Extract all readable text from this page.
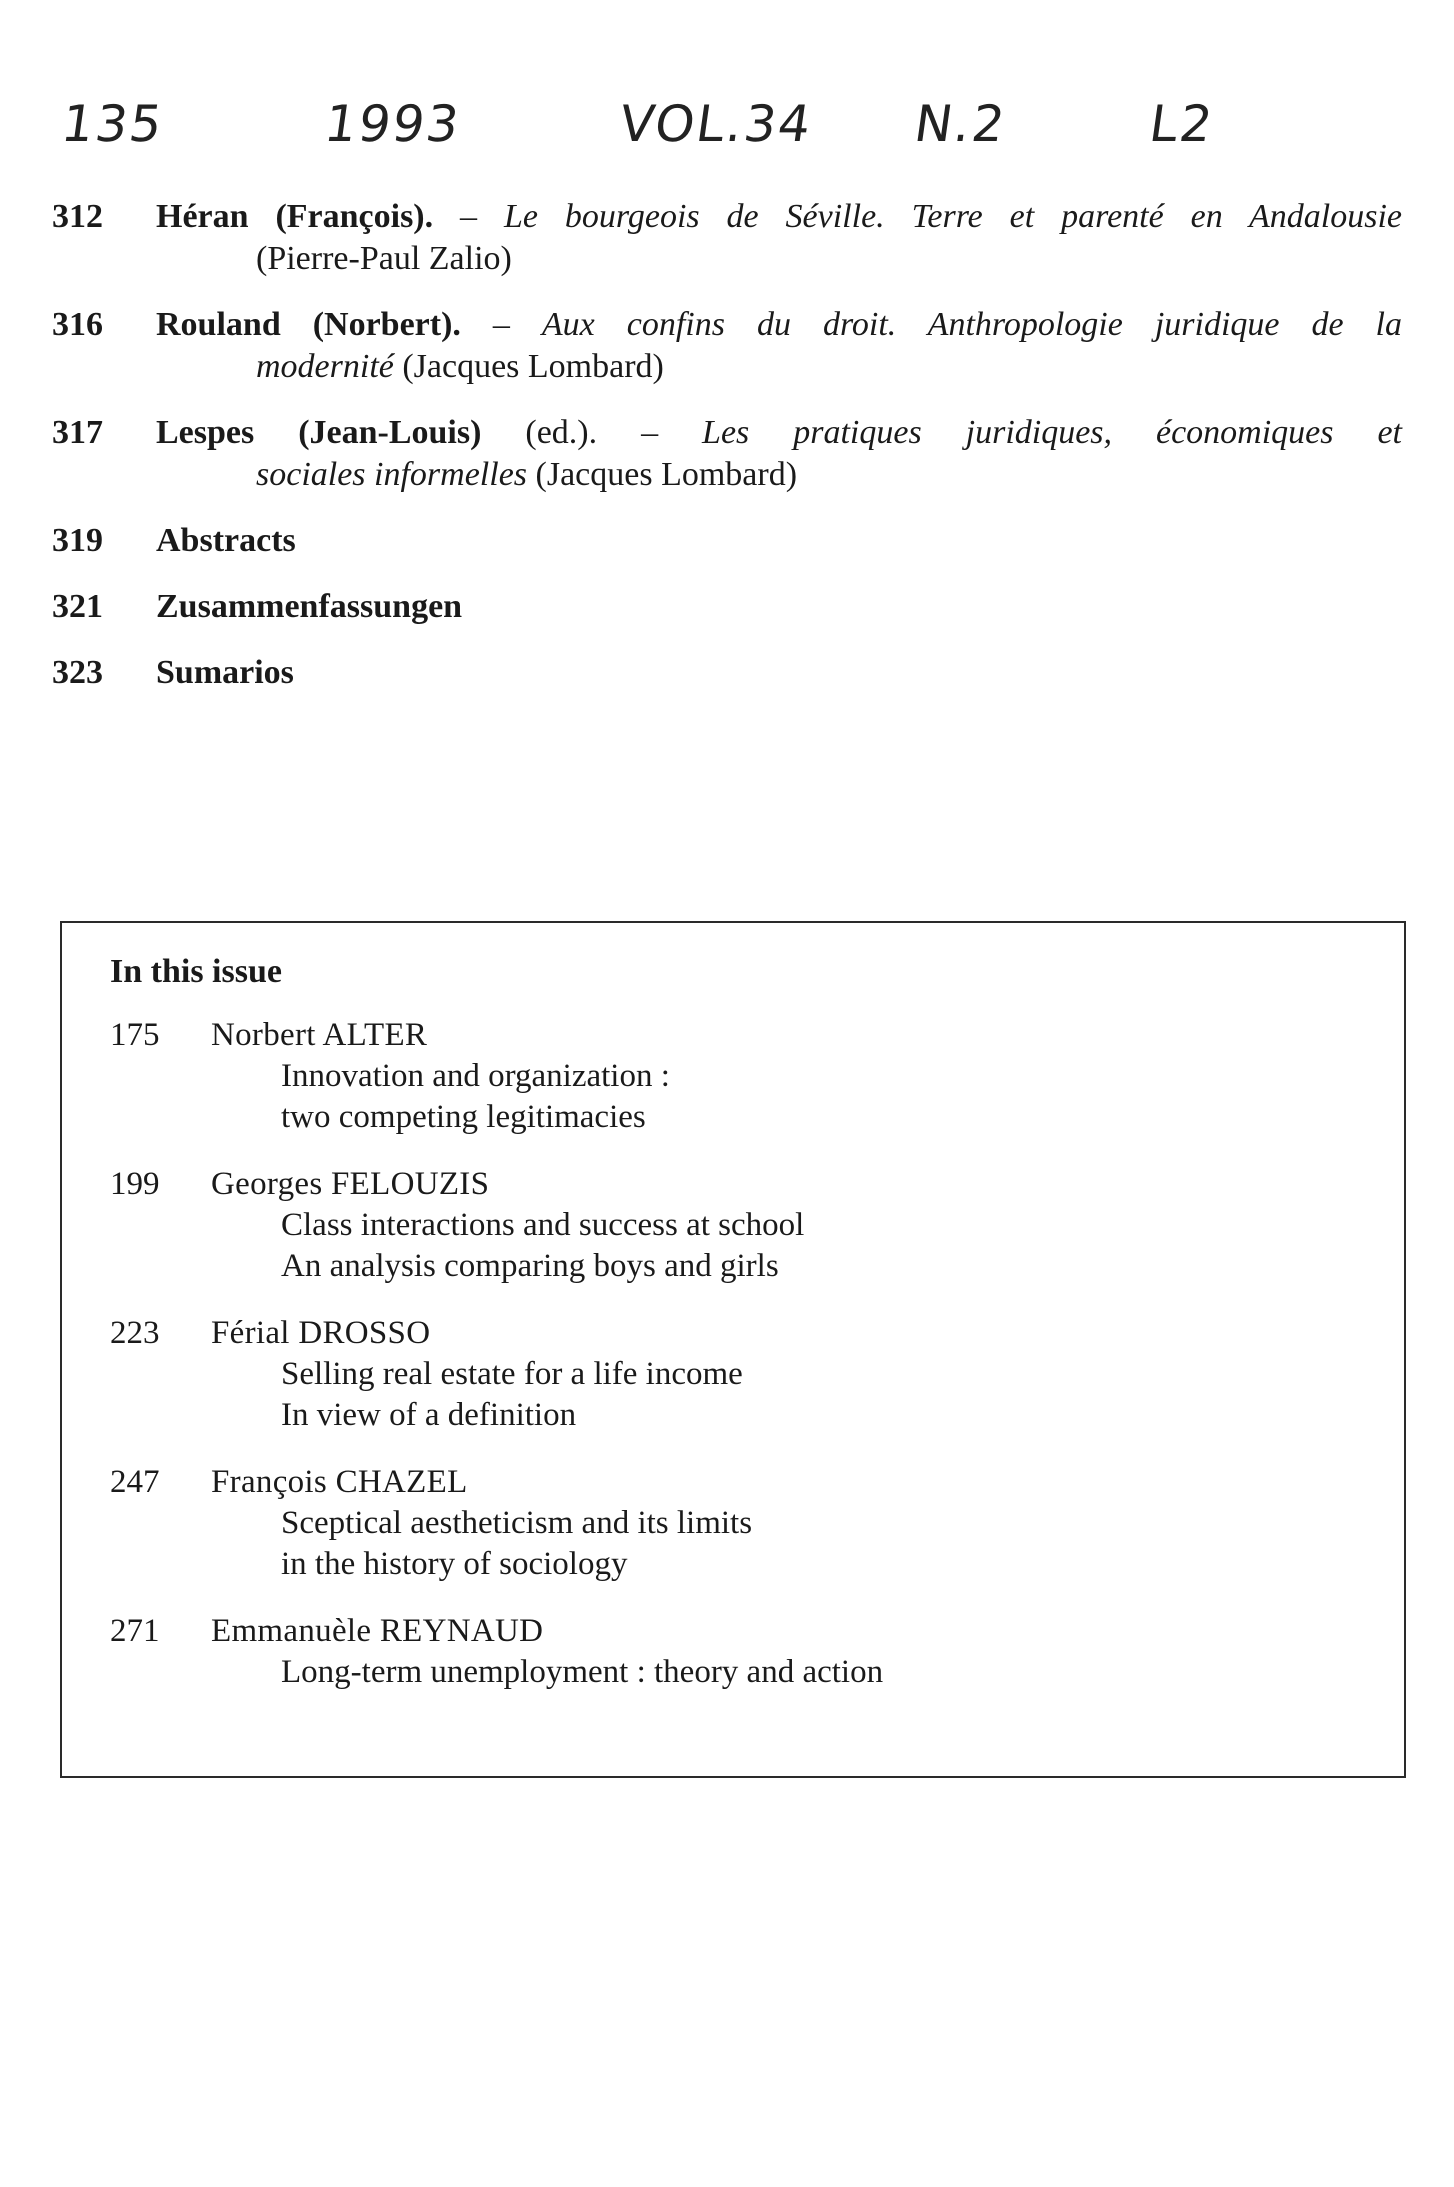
135	1993	VOL.34 N.2	L2
312	Héran (François). – Le bourgeois de Séville. Terre et parenté en Andalousie
(Pierre-Paul Zalio)
316	Rouland (Norbert). – Aux confins du droit. Anthropologie juridique de la
modernité (Jacques Lombard)
317	Lespes (Jean-Louis) (ed.). – Les pratiques juridiques, économiques et
sociales informelles (Jacques Lombard)
319	Abstracts
321	Zusammenfassungen
323	Sumarios
In this issue
175	Norbert ALTER
Innovation and organization :
two competing legitimacies
199	Georges FELOUZIS
Class interactions and success at school
An analysis comparing boys and girls
223	Férial DROSSO
Selling real estate for a life income
In view of a definition
247	François CHAZEL
Sceptical aestheticism and its limits
in the history of sociology
271	Emmanuèle REYNAUD
Long-term unemployment : theory and action
